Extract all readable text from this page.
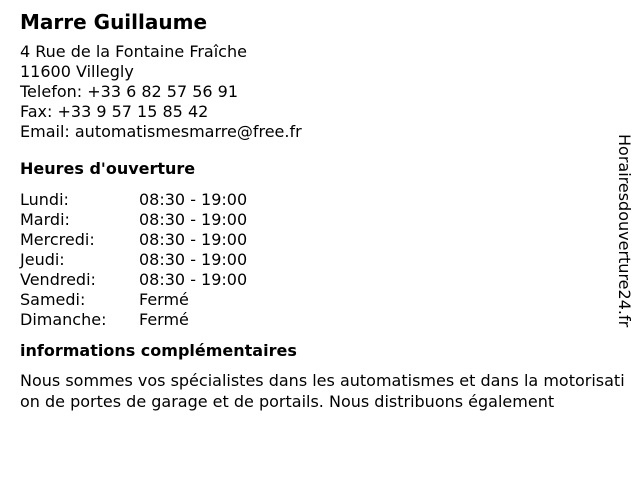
Marre Guillaume
4 Rue de la Fontaine Fraîche
11600 Villegly
Telefon: +33 6 82 57 56 91
Fax: +33 9 57 15 85 42
Email: automatismesmarre@free.fr
Heures d'ouverture
Lundi:	08:30 - 19:00
Mardi:	08:30 - 19:00
Mercredi:	08:30 - 19:00
Jeudi:	08:30 - 19:00
Vendredi:	08:30 - 19:00
Samedi:	Fermé
Dimanche:	Fermé
informations complémentaires
Nous sommes vos spécialistes dans les automatismes et dans la motorisation de portes de garage et de portails. Nous distribuons également
Horairesdouverture24.fr
